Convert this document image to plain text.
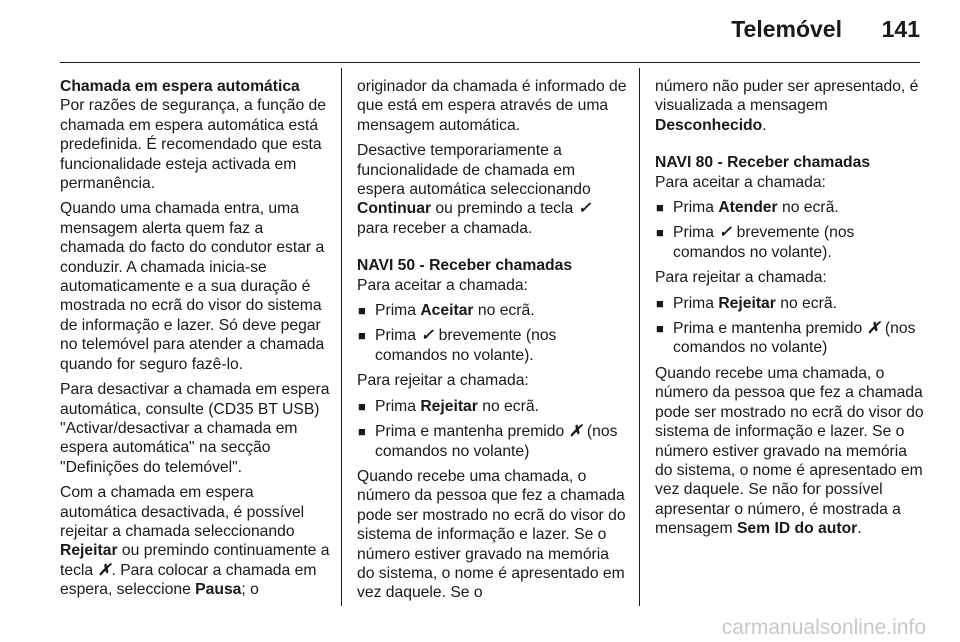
Telemóvel 141
Chamada em espera automática

Por razões de segurança, a função de chamada em espera automática está predefinida. É recomendado que esta funcionalidade esteja activada em permanência.

Quando uma chamada entra, uma mensagem alerta quem faz a chamada do facto do condutor estar a conduzir. A chamada inicia-se automaticamente e a sua duração é mostrada no ecrã do visor do sistema de informação e lazer. Só deve pegar no telemóvel para atender a chamada quando for seguro fazê-lo.

Para desactivar a chamada em espera automática, consulte (CD35 BT USB) "Activar/desactivar a chamada em espera automática" na secção "Definições do telemóvel".

Com a chamada em espera automática desactivada, é possível rejeitar a chamada seleccionando Rejeitar ou premindo continuamente a tecla ✗. Para colocar a chamada em espera, seleccione Pausa; o

originador da chamada é informado de que está em espera através de uma mensagem automática.

Desactive temporariamente a funcionalidade de chamada em espera automática seleccionando Continuar ou premindo a tecla ✓ para receber a chamada.

NAVI 50 - Receber chamadas

Para aceitar a chamada:

■ Prima Aceitar no ecrã.
■ Prima ✓ brevemente (nos comandos no volante).

Para rejeitar a chamada:

■ Prima Rejeitar no ecrã.
■ Prima e mantenha premido ✗ (nos comandos no volante)

Quando recebe uma chamada, o número da pessoa que fez a chamada pode ser mostrado no ecrã do visor do sistema de informação e lazer. Se o número estiver gravado na memória do sistema, o nome é apresentado em vez daquele. Se o

número não puder ser apresentado, é visualizada a mensagem Desconhecido.

NAVI 80 - Receber chamadas

Para aceitar a chamada:

■ Prima Atender no ecrã.
■ Prima ✓ brevemente (nos comandos no volante).

Para rejeitar a chamada:

■ Prima Rejeitar no ecrã.
■ Prima e mantenha premido ✗ (nos comandos no volante)

Quando recebe uma chamada, o número da pessoa que fez a chamada pode ser mostrado no ecrã do visor do sistema de informação e lazer. Se o número estiver gravado na memória do sistema, o nome é apresentado em vez daquele. Se não for possível apresentar o número, é mostrada a mensagem Sem ID do autor.

carmanualsonline.info
